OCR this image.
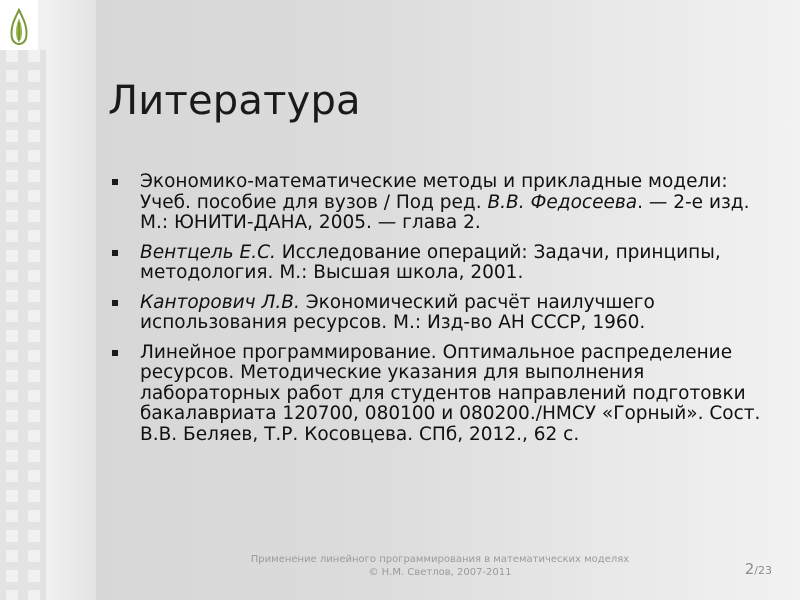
Литература
Экономико-математические методы и прикладные модели: Учеб. пособие для вузов / Под ред. В.В. Федосеева. — 2-е изд. М.: ЮНИТИ-ДАНА, 2005. — глава 2.
Вентцель Е.С. Исследование операций: Задачи, принципы, методология. М.: Высшая школа, 2001.
Канторович Л.В. Экономический расчёт наилучшего использования ресурсов. М.: Изд-во АН СССР, 1960.
Линейное программирование. Оптимальное распределение ресурсов. Методические указания для выполнения лабораторных работ для студентов направлений подготовки бакалавриата 120700, 080100 и 080200./НМСУ «Горный». Сост. В.В. Беляев, Т.Р. Косовцева. СПб, 2012., 62 с.
Применение линейного программирования в математических моделях
© Н.М. Светлов, 2007-2011	2/23
